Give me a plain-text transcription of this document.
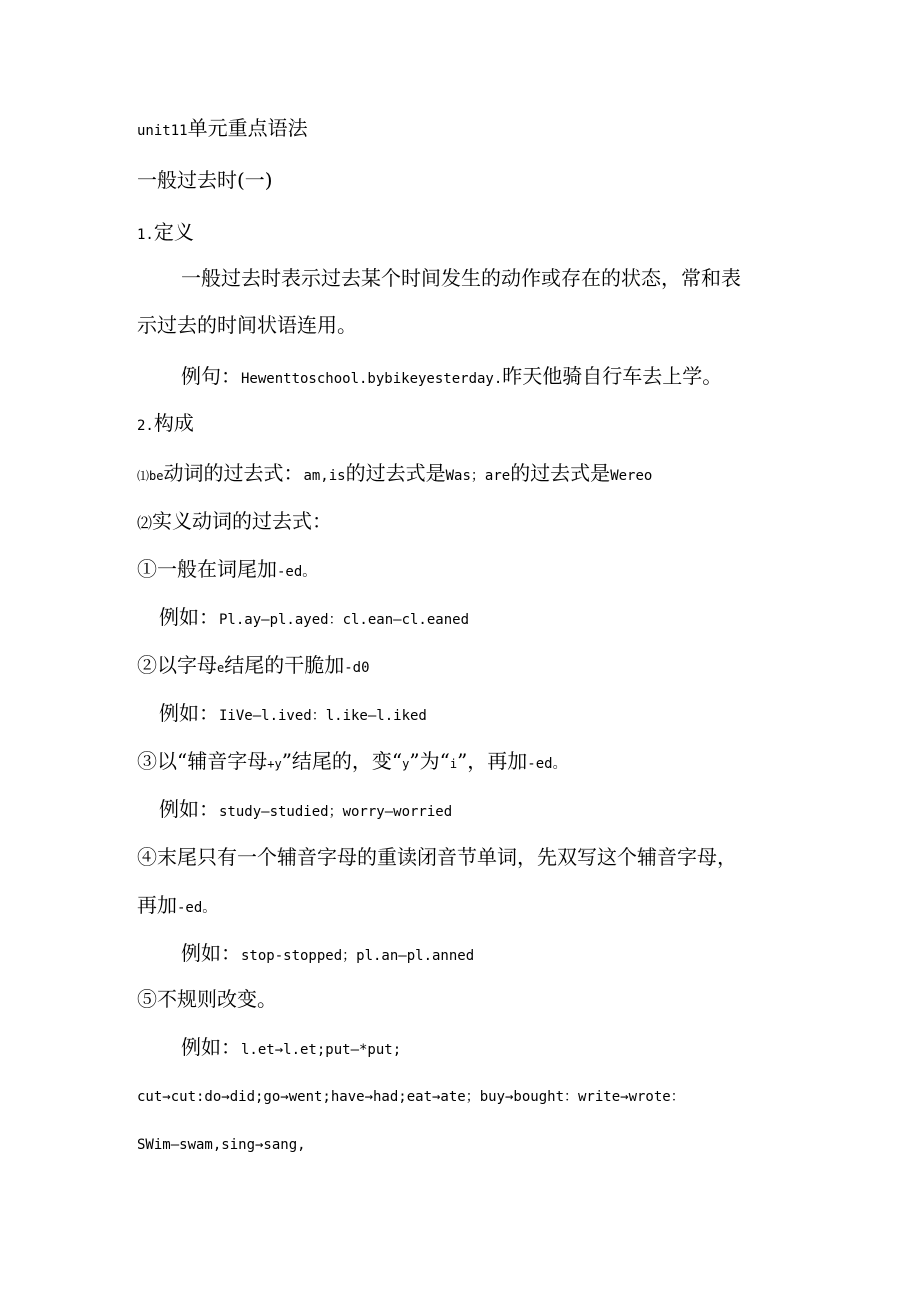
unit11单元重点语法
一般过去时(一)
1.定义
一般过去时表示过去某个时间发生的动作或存在的状态，常和表
示过去的时间状语连用。
例句：Hewenttoschool.bybikeyesterday.昨天他骑自行车去上学。
2.构成
⑴be动词的过去式：am,is的过去式是Was；are的过去式是Wereo
⑵实义动词的过去式：
①一般在词尾加-ed。
例如：Pl.ay—pl.ayed：cl.ean—cl.eaned
②以字母e结尾的干脆加-d0
例如：IiVe—l.ived：l.ike—l.iked
③以“辅音字母+y”结尾的，变“y”为“i”，再加-ed。
例如：study—studied；worry—worried
④末尾只有一个辅音字母的重读闭音节单词，先双写这个辅音字母，
再加-ed。
例如：stop-stopped；pl.an—pl.anned
⑤不规则改变。
例如：l.et→l.et;put—*put;
cut→cut:do→did;go→went;have→had;eat→ate；buy→bought：write→wrote：
SWim—swam,sing→sang,
